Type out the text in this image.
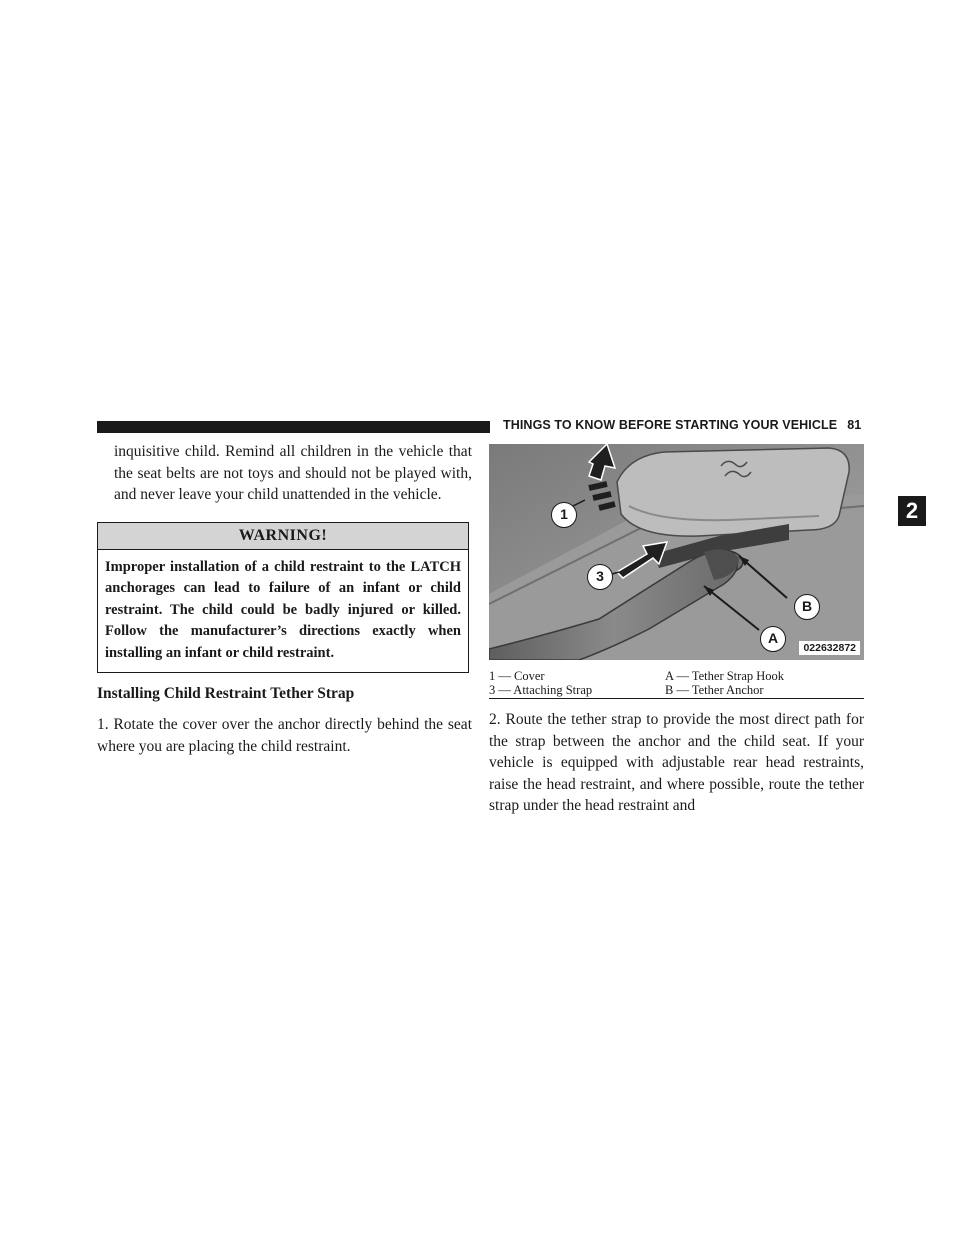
THINGS TO KNOW BEFORE STARTING YOUR VEHICLE 81
2

inquisitive child. Remind all children in the vehicle that the seat belts are not toys and should not be played with, and never leave your child unattended in the vehicle.

WARNING!
Improper installation of a child restraint to the LATCH anchorages can lead to failure of an infant or child restraint. The child could be badly injured or killed. Follow the manufacturer’s directions exactly when installing an infant or child restraint.
Installing Child Restraint Tether Strap

1. Rotate the cover over the anchor directly behind the seat where you are placing the child restraint.

1
3
B
A
022632872
1 — Cover	A — Tether Strap Hook
3 — Attaching Strap	B — Tether Anchor

2. Route the tether strap to provide the most direct path for the strap between the anchor and the child seat. If your vehicle is equipped with adjustable rear head restraints, raise the head restraint, and where possible, route the tether strap under the head restraint and
